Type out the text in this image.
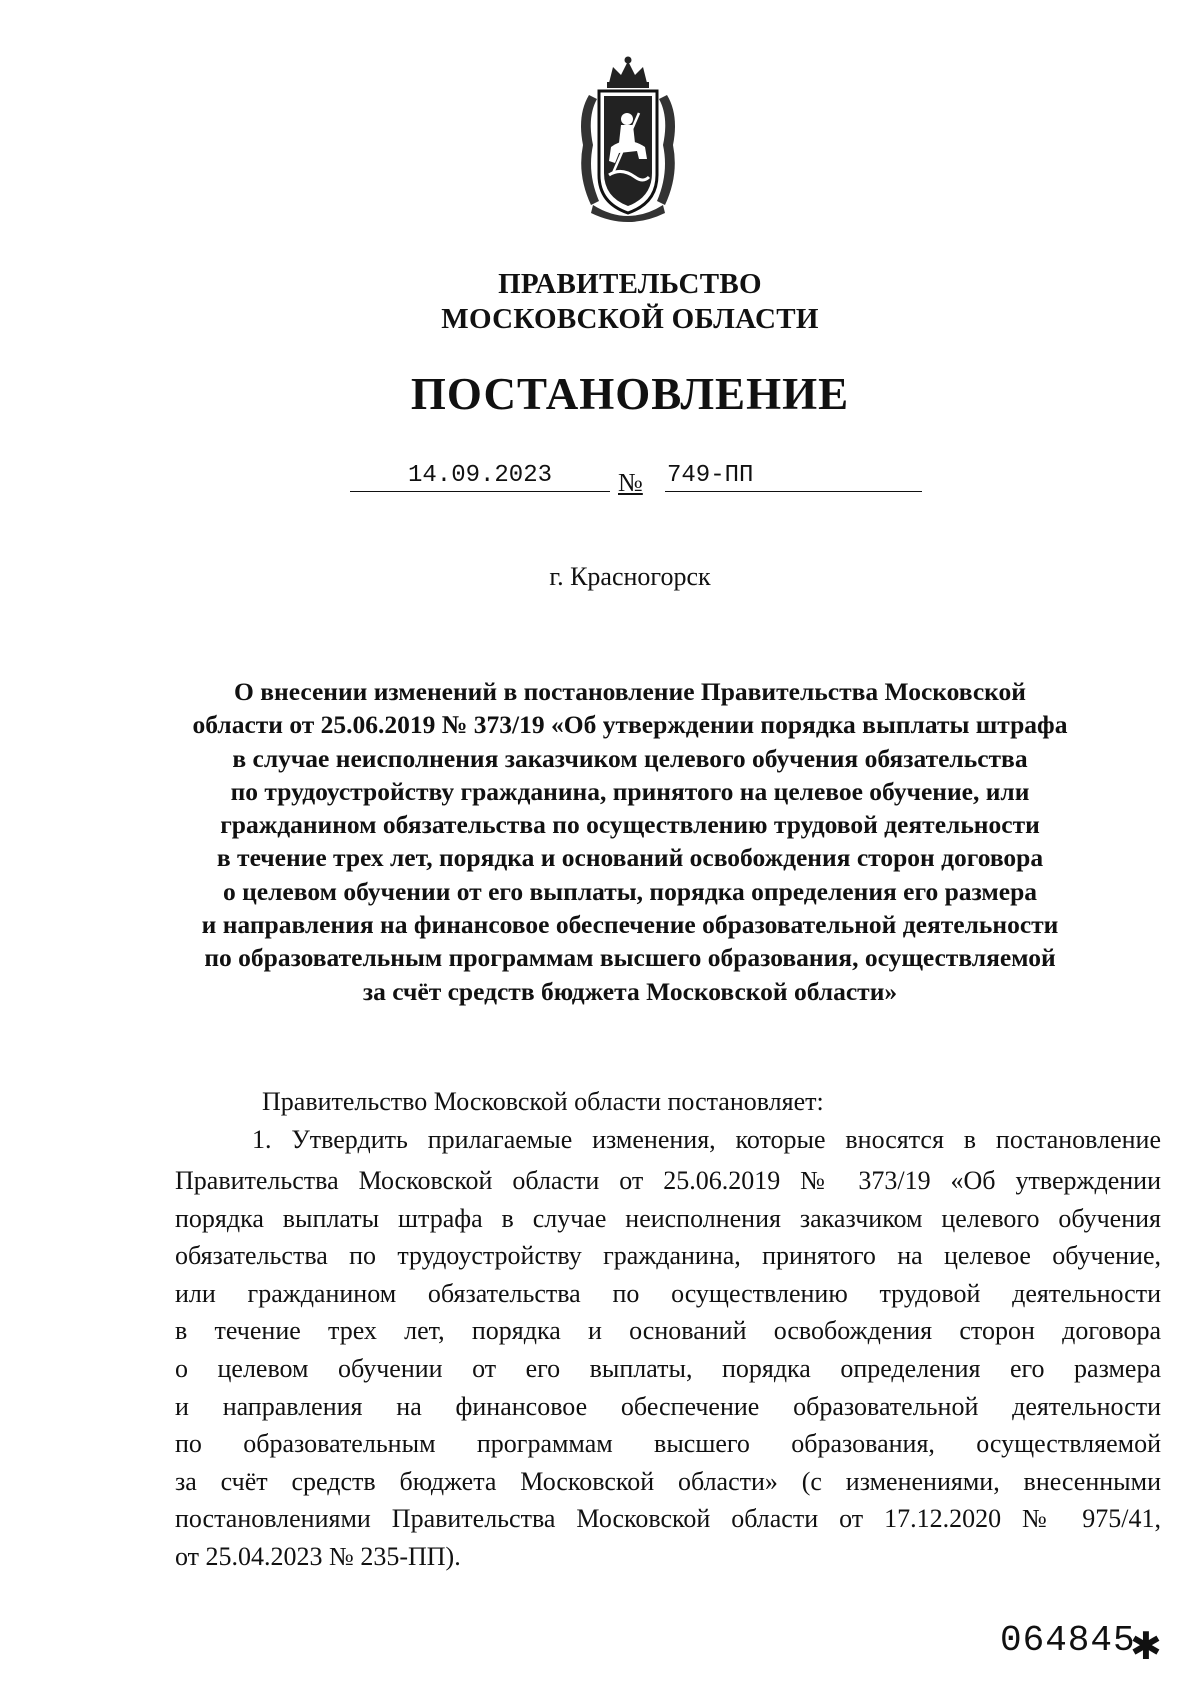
ПРАВИТЕЛЬСТВО
МОСКОВСКОЙ ОБЛАСТИ
ПОСТАНОВЛЕНИЕ
14.09.2023	№ 749-ПП
г. Красногорск
О внесении изменений в постановление Правительства Московской
области от 25.06.2019 № 373/19 «Об утверждении порядка выплаты штрафа
в случае неисполнения заказчиком целевого обучения обязательства
по трудоустройству гражданина, принятого на целевое обучение, или
гражданином обязательства по осуществлению трудовой деятельности
в течение трех лет, порядка и оснований освобождения сторон договора
о целевом обучении от его выплаты, порядка определения его размера
и направления на финансовое обеспечение образовательной деятельности
по образовательным программам высшего образования, осуществляемой
за счёт средств бюджета Московской области»
Правительство Московской области постановляет:
1. Утвердить прилагаемые изменения, которые вносятся в постановление
Правительства Московской области от 25.06.2019 № 373/19 «Об утверждении
порядка выплаты штрафа в случае неисполнения заказчиком целевого обучения
обязательства по трудоустройству гражданина, принятого на целевое обучение,
или гражданином обязательства по осуществлению трудовой деятельности
в течение трех лет, порядка и оснований освобождения сторон договора
о целевом обучении от его выплаты, порядка определения его размера
и направления на финансовое обеспечение образовательной деятельности
по образовательным программам высшего образования, осуществляемой
за счёт средств бюджета Московской области» (с изменениями, внесенными
постановлениями Правительства Московской области от 17.12.2020 № 975/41,
от 25.04.2023 № 235-ПП).
064845
✱
